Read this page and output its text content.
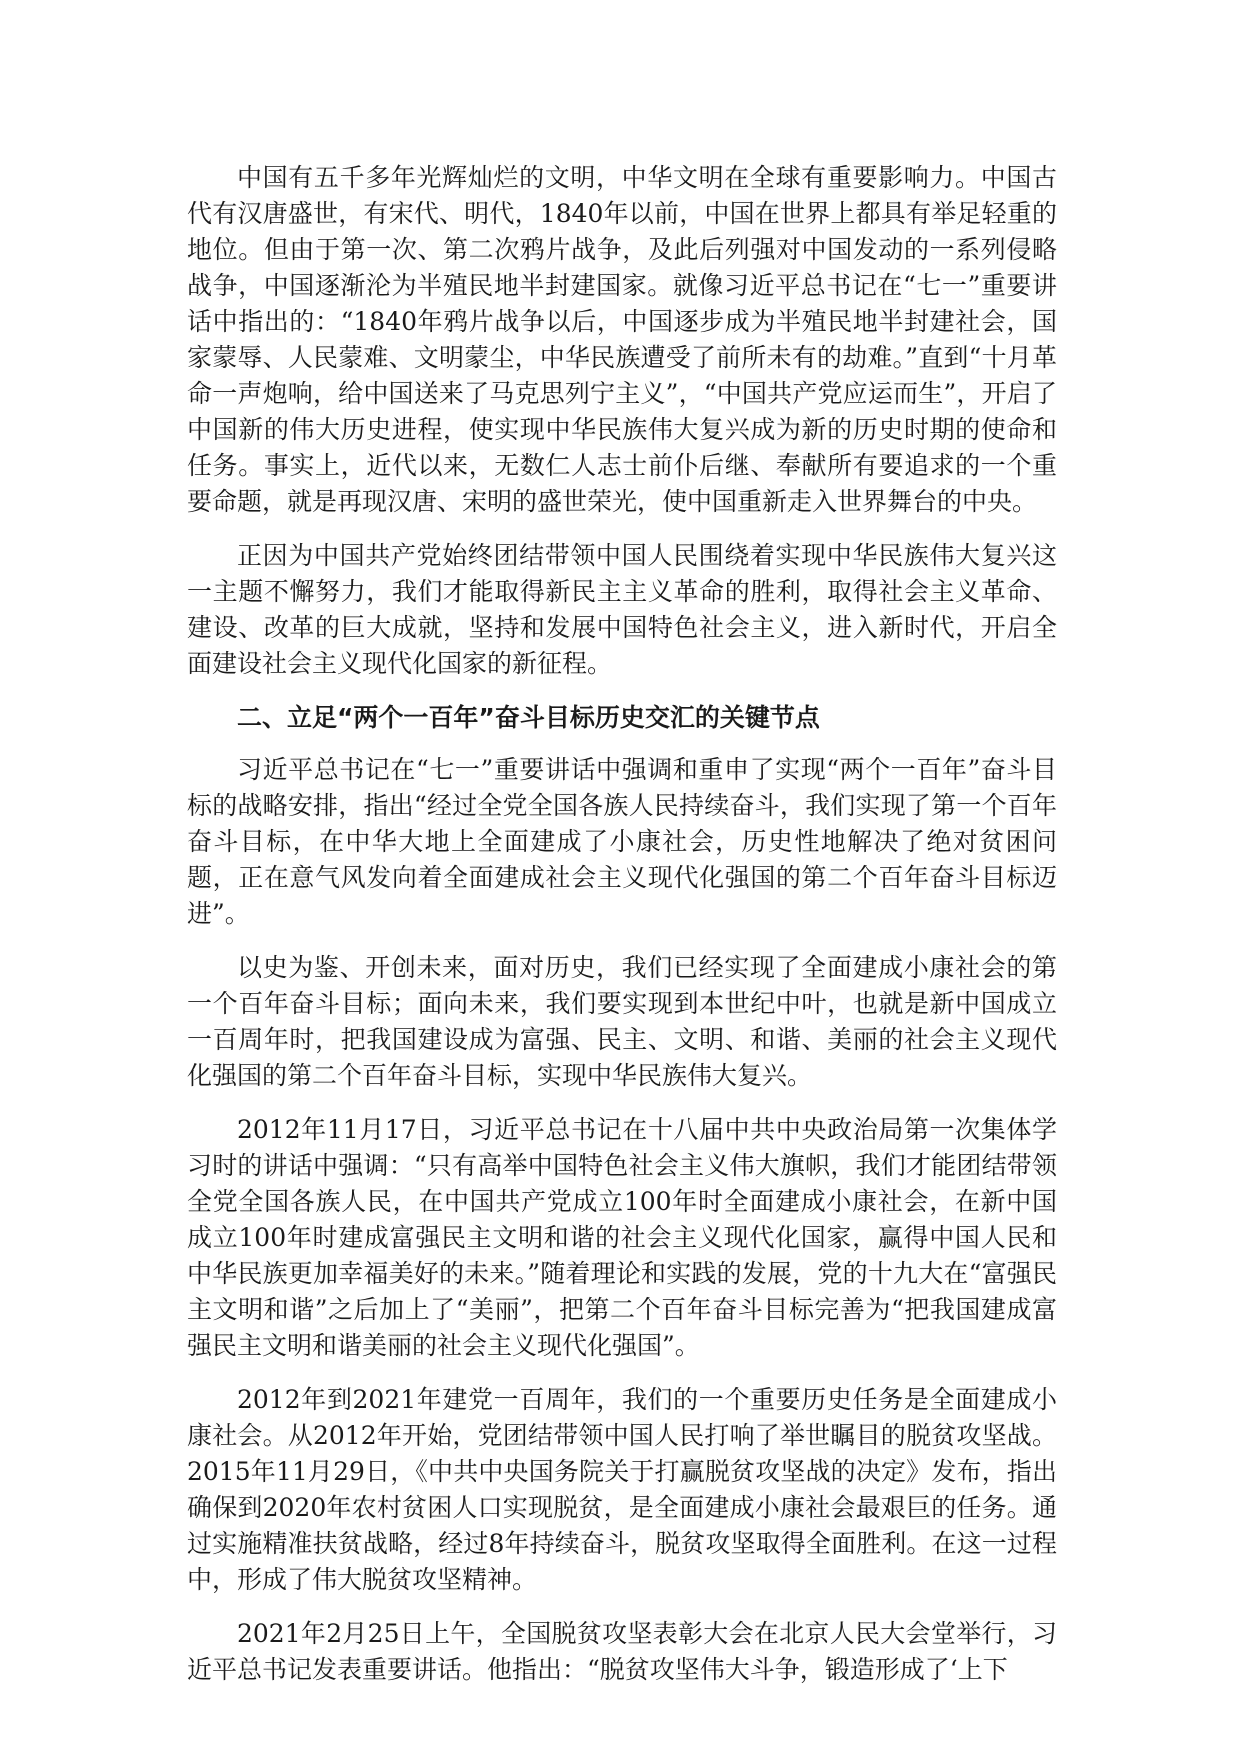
中国有五千多年光辉灿烂的文明，中华文明在全球有重要影响力。中国古代有汉唐盛世，有宋代、明代，1840年以前，中国在世界上都具有举足轻重的地位。但由于第一次、第二次鸦片战争，及此后列强对中国发动的一系列侵略战争，中国逐渐沦为半殖民地半封建国家。就像习近平总书记在“七一”重要讲话中指出的：“1840年鸦片战争以后，中国逐步成为半殖民地半封建社会，国家蒙辱、人民蒙难、文明蒙尘，中华民族遭受了前所未有的劫难。”直到“十月革命一声炮响，给中国送来了马克思列宁主义”，“中国共产党应运而生”，开启了中国新的伟大历史进程，使实现中华民族伟大复兴成为新的历史时期的使命和任务。事实上，近代以来，无数仁人志士前仆后继、奉献所有要追求的一个重要命题，就是再现汉唐、宋明的盛世荣光，使中国重新走入世界舞台的中央。

正因为中国共产党始终团结带领中国人民围绕着实现中华民族伟大复兴这一主题不懈努力，我们才能取得新民主主义革命的胜利，取得社会主义革命、建设、改革的巨大成就，坚持和发展中国特色社会主义，进入新时代，开启全面建设社会主义现代化国家的新征程。

二、立足“两个一百年”奋斗目标历史交汇的关键节点

习近平总书记在“七一”重要讲话中强调和重申了实现“两个一百年”奋斗目标的战略安排，指出“经过全党全国各族人民持续奋斗，我们实现了第一个百年奋斗目标，在中华大地上全面建成了小康社会，历史性地解决了绝对贫困问题，正在意气风发向着全面建成社会主义现代化强国的第二个百年奋斗目标迈进”。

以史为鉴、开创未来，面对历史，我们已经实现了全面建成小康社会的第一个百年奋斗目标；面向未来，我们要实现到本世纪中叶，也就是新中国成立一百周年时，把我国建设成为富强、民主、文明、和谐、美丽的社会主义现代化强国的第二个百年奋斗目标，实现中华民族伟大复兴。

2012年11月17日，习近平总书记在十八届中共中央政治局第一次集体学习时的讲话中强调：“只有高举中国特色社会主义伟大旗帜，我们才能团结带领全党全国各族人民，在中国共产党成立100年时全面建成小康社会，在新中国成立100年时建成富强民主文明和谐的社会主义现代化国家，赢得中国人民和中华民族更加幸福美好的未来。”随着理论和实践的发展，党的十九大在“富强民主文明和谐”之后加上了“美丽”，把第二个百年奋斗目标完善为“把我国建成富强民主文明和谐美丽的社会主义现代化强国”。

2012年到2021年建党一百周年，我们的一个重要历史任务是全面建成小康社会。从2012年开始，党团结带领中国人民打响了举世瞩目的脱贫攻坚战。2015年11月29日，《中共中央国务院关于打赢脱贫攻坚战的决定》发布，指出确保到2020年农村贫困人口实现脱贫，是全面建成小康社会最艰巨的任务。通过实施精准扶贫战略，经过8年持续奋斗，脱贫攻坚取得全面胜利。在这一过程中，形成了伟大脱贫攻坚精神。

2021年2月25日上午，全国脱贫攻坚表彰大会在北京人民大会堂举行，习近平总书记发表重要讲话。他指出：“脱贫攻坚伟大斗争，锻造形成了‘上下
